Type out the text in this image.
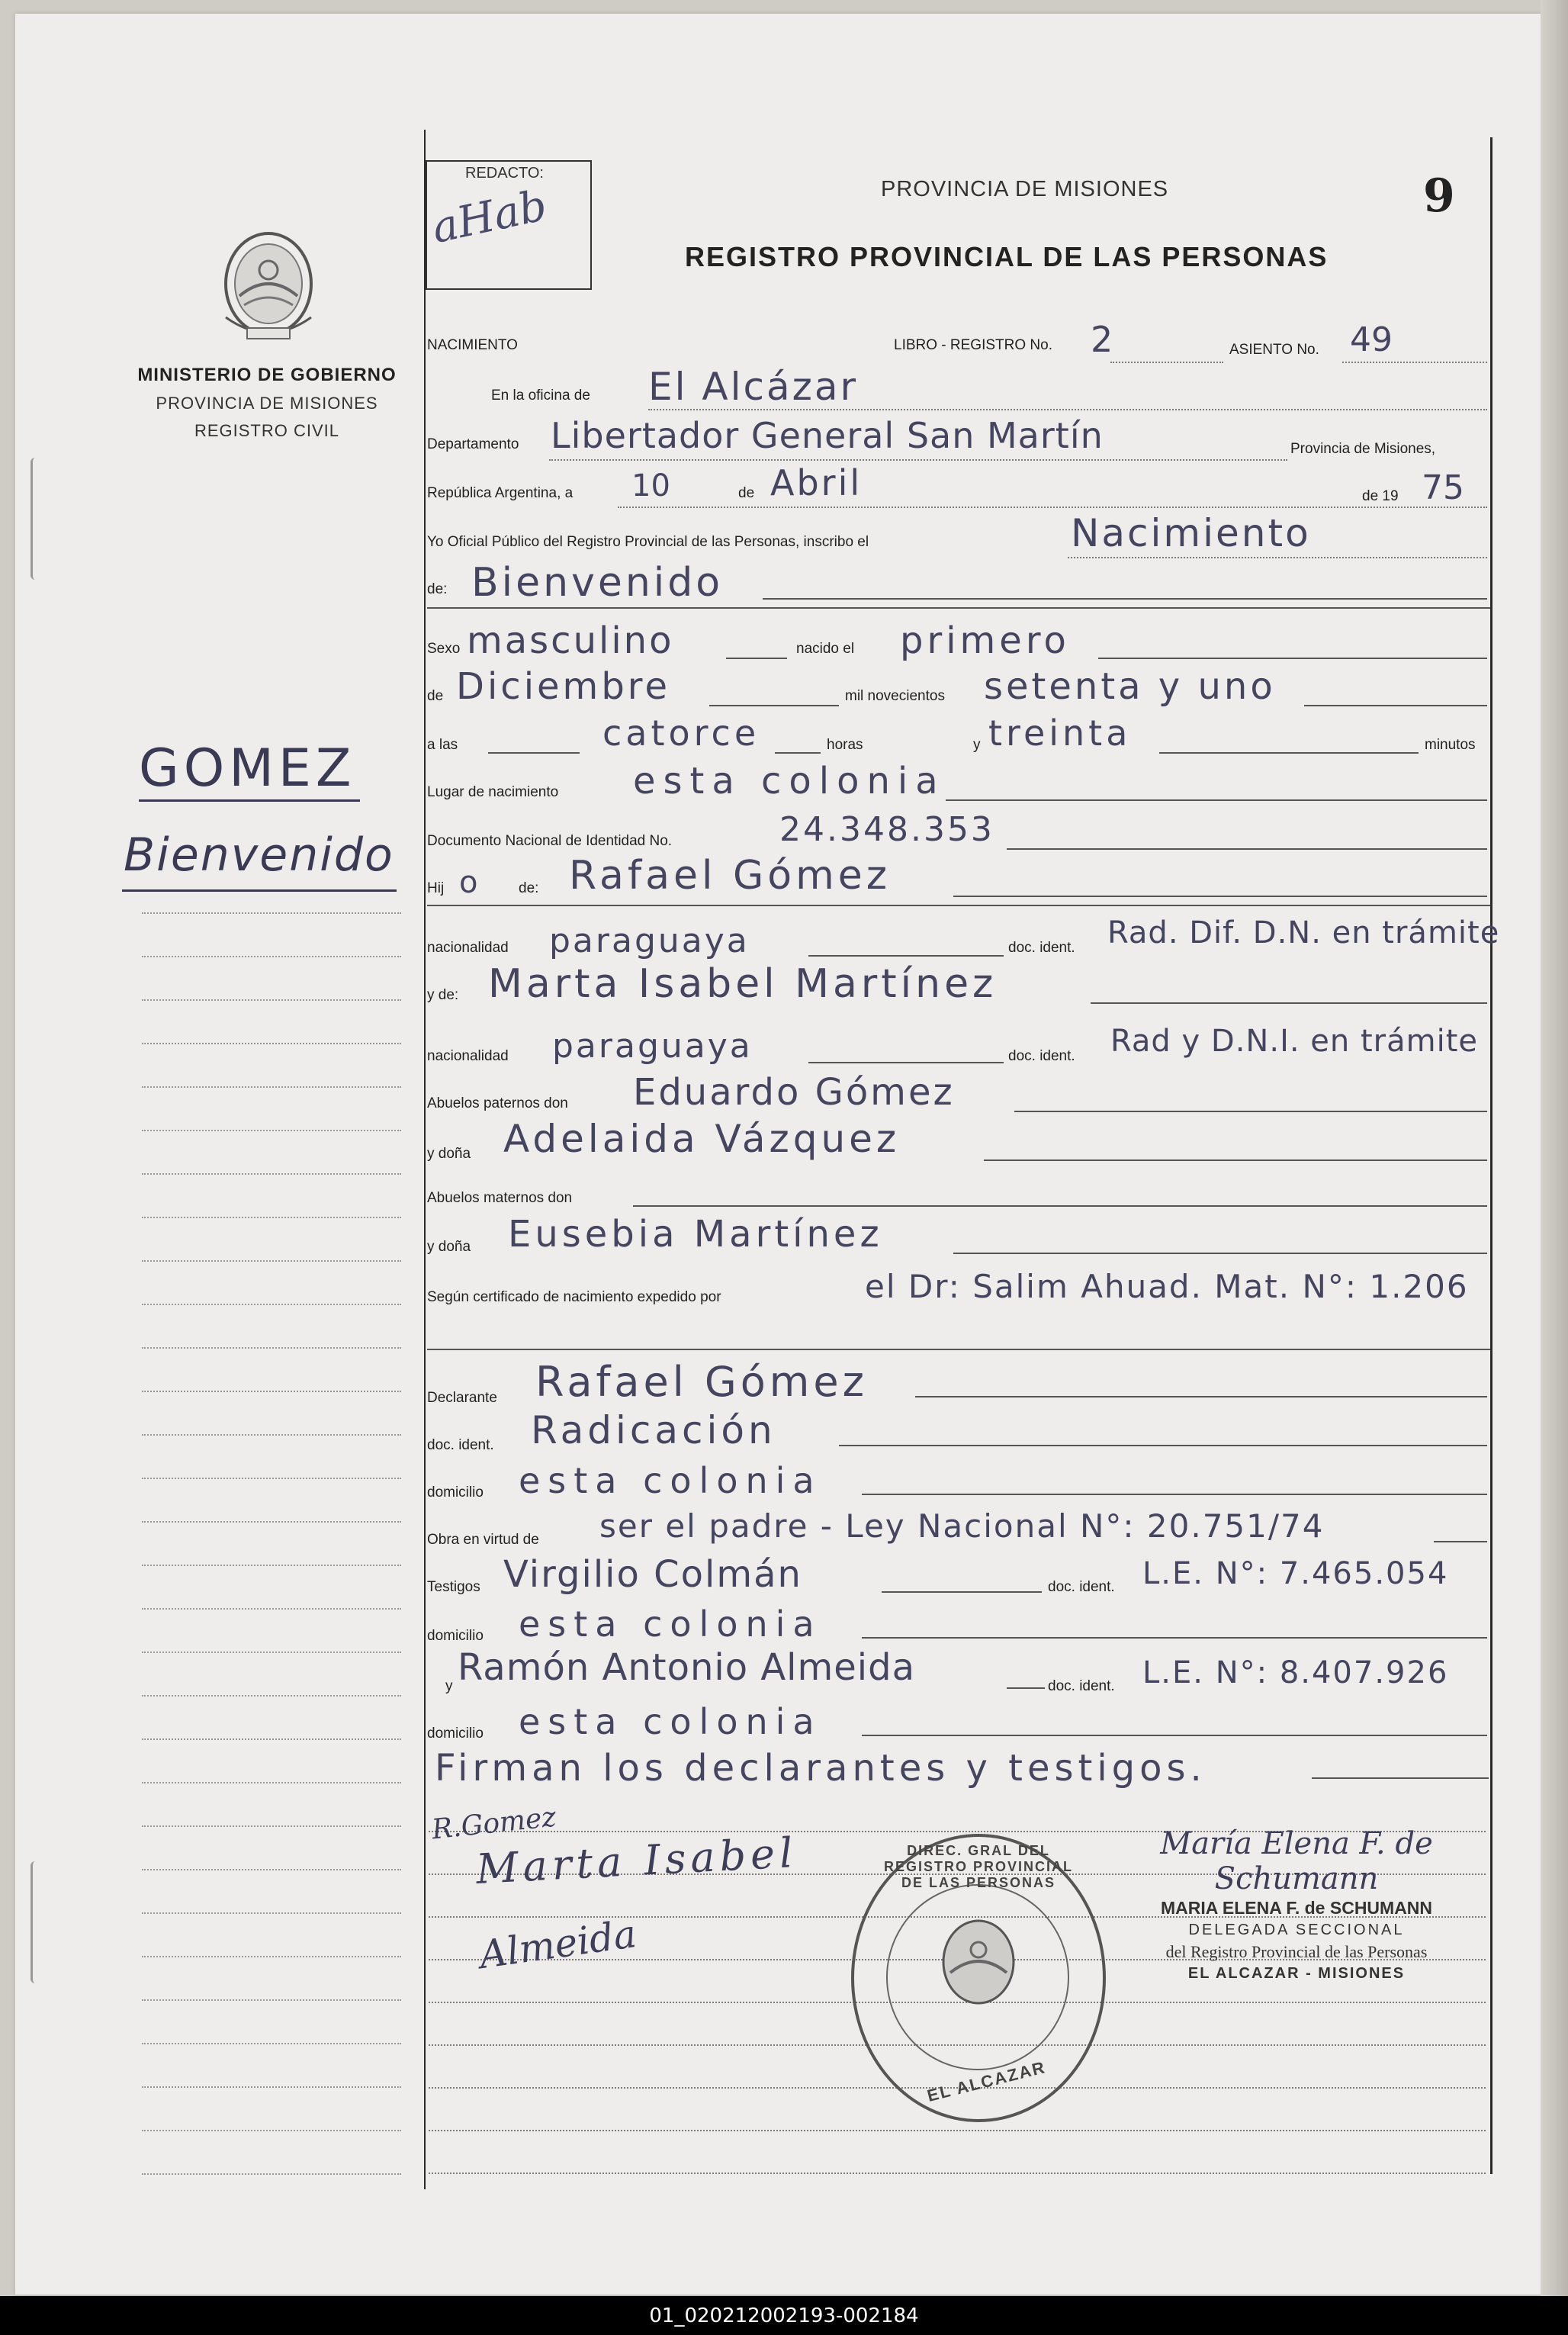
REDACTO:
aHab	PROVINCIA DE MISIONES
REGISTRO PROVINCIAL DE LAS PERSONAS
9
MINISTERIO DE GOBIERNO
PROVINCIA DE MISIONES
REGISTRO CIVIL
GOMEZ
Bienvenido
NACIMIENTO	LIBRO - REGISTRO No. 2	ASIENTO No. 49
En la oficina de El Alcázar
Departamento Libertador General San Martín	Provincia de Misiones,
República Argentina, a 10	de Abril	de 19 75
Yo Oficial Público del Registro Provincial de las Personas, inscribo el	Nacimiento
de: Bienvenido
Sexo masculino	nacido el primero
de Diciembre	mil novecientos setenta y uno
a las	catorce	horas	y treinta	minutos
Lugar de nacimiento esta colonia
Documento Nacional de Identidad No.	24.348.353
Hij o	de: Rafael Gómez
nacionalidad paraguaya	doc. ident. Rad. Dif. D.N. en trámite
y de: Marta Isabel Martínez
nacionalidad paraguaya	doc. ident. Rad y D.N.I. en trámite
Abuelos paternos don Eduardo Gómez
y doña Adelaida Vázquez
Abuelos maternos don
y doña Eusebia Martínez
Según certificado de nacimiento expedido por	el Dr: Salim Ahuad. Mat. N°: 1.206
Declarante Rafael Gómez
doc. ident. Radicación
domicilio esta colonia
Obra en virtud de ser el padre - Ley Nacional N°: 20.751/74
Testigos Virgilio Colmán	doc. ident. L.E. N°: 7.465.054
domicilio esta colonia
y Ramón Antonio Almeida	doc. ident. L.E. N°: 8.407.926
domicilio esta colonia
Firman los declarantes y testigos.
R.Gomez
Marta Isabel
Almeida
DIREC. GRAL DEL REGISTRO PROVINCIAL DE LAS PERSONAS
EL ALCAZAR
María Elena F. de Schumann
MARIA ELENA F. de SCHUMANN
DELEGADA SECCIONAL
del Registro Provincial de las Personas
EL ALCAZAR - MISIONES
01_020212002193-002184
